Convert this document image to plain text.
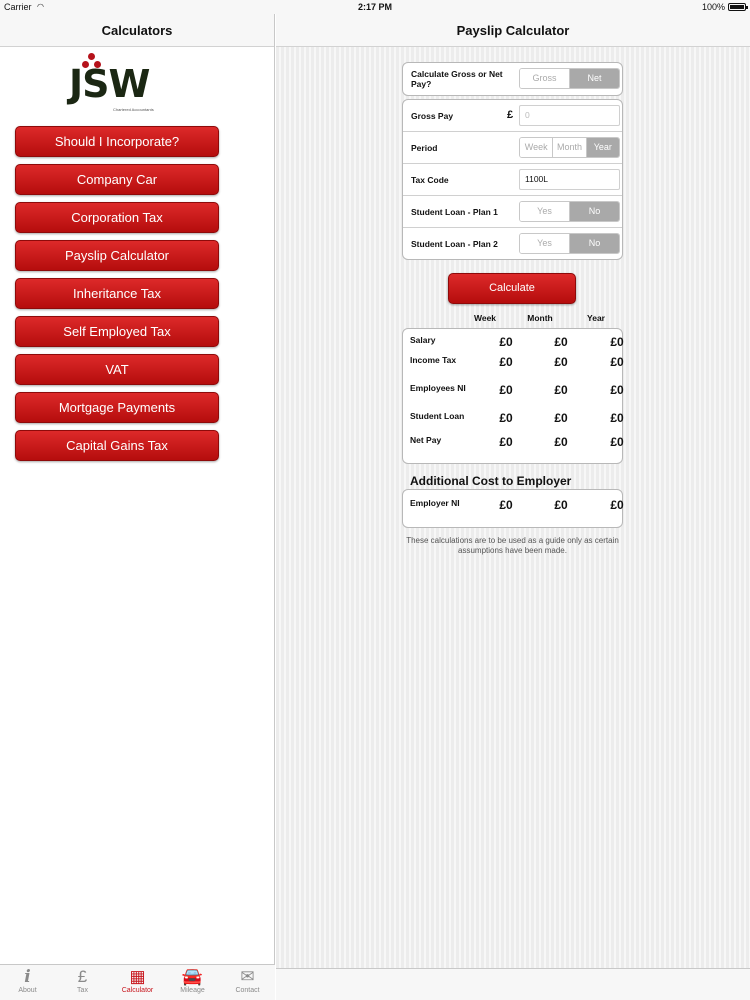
Carrier ◠	2:17 PM	100%
Calculators
JSW
Chartered Accountants
Should I Incorporate?
Company Car
Corporation Tax
Payslip Calculator
Inheritance Tax
Self Employed Tax
VAT
Mortgage Payments
Capital Gains Tax
Payslip Calculator
Calculate Gross or Net Pay?
Gross	Net
Gross Pay	£	0
Period	Week	Month	Year
Tax Code	1100L
Student Loan - Plan 1	Yes	No
Student Loan - Plan 2	Yes	No
Calculate
Week	Month	Year
Salary	£0	£0	£0
Income Tax	£0	£0	£0
Employees NI	£0	£0	£0
Student Loan	£0	£0	£0
Net Pay	£0	£0	£0
Additional Cost to Employer
Employer NI	£0	£0	£0
These calculations are to be used as a guide only as certain assumptions have been made.
i
About
£
Tax
▦
Calculator
🚘
Mileage
✉
Contact
